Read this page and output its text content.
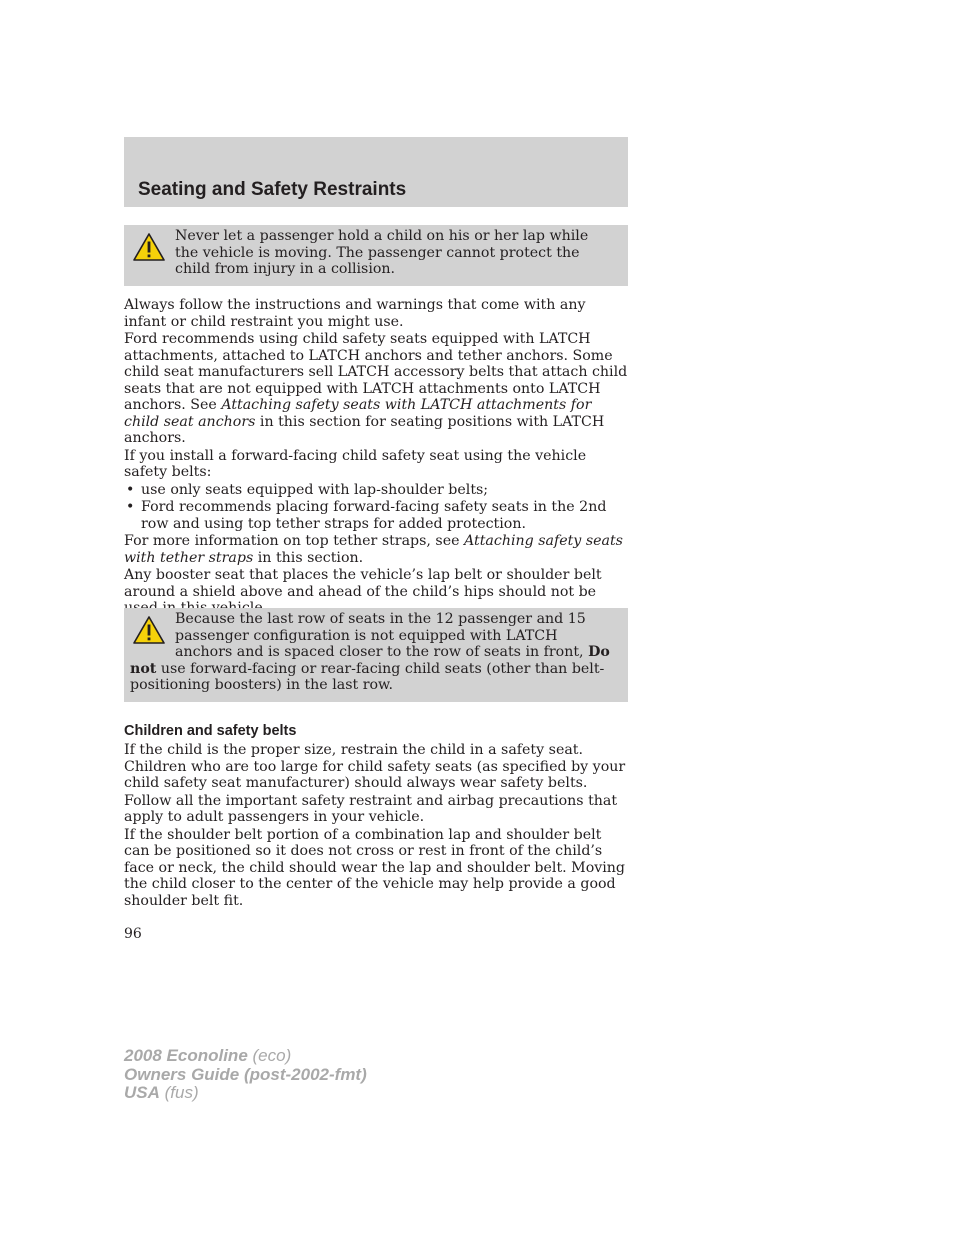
Seating and Safety Restraints
Never let a passenger hold a child on his or her lap while the vehicle is moving. The passenger cannot protect the child from injury in a collision.

Always follow the instructions and warnings that come with any infant or child restraint you might use.

Ford recommends using child safety seats equipped with LATCH attachments, attached to LATCH anchors and tether anchors. Some child seat manufacturers sell LATCH accessory belts that attach child seats that are not equipped with LATCH attachments onto LATCH anchors. See Attaching safety seats with LATCH attachments for child seat anchors in this section for seating positions with LATCH anchors.

If you install a forward-facing child safety seat using the vehicle safety belts:

• use only seats equipped with lap-shoulder belts;
• Ford recommends placing forward-facing safety seats in the 2nd row and using top tether straps for added protection.

For more information on top tether straps, see Attaching safety seats with tether straps in this section.

Any booster seat that places the vehicle’s lap belt or shoulder belt around a shield above and ahead of the child’s hips should not be

Because the last row of seats in the 12 passenger and 15 passenger configuration is not equipped with LATCH anchors and is spaced closer to the row of seats in front, Do not use forward-facing or rear-facing child seats (other than belt-positioning boosters) in the last row.
Children and safety belts

If the child is the proper size, restrain the child in a safety seat. Children who are too large for child safety seats (as specified by your child safety seat manufacturer) should always wear safety belts.

Follow all the important safety restraint and airbag precautions that apply to adult passengers in your vehicle.

If the shoulder belt portion of a combination lap and shoulder belt can be positioned so it does not cross or rest in front of the child’s face or neck, the child should wear the lap and shoulder belt. Moving the child closer to the center of the vehicle may help provide a good shoulder belt fit.

96
2008 Econoline (eco)
Owners Guide (post-2002-fmt)
USA (fus)
